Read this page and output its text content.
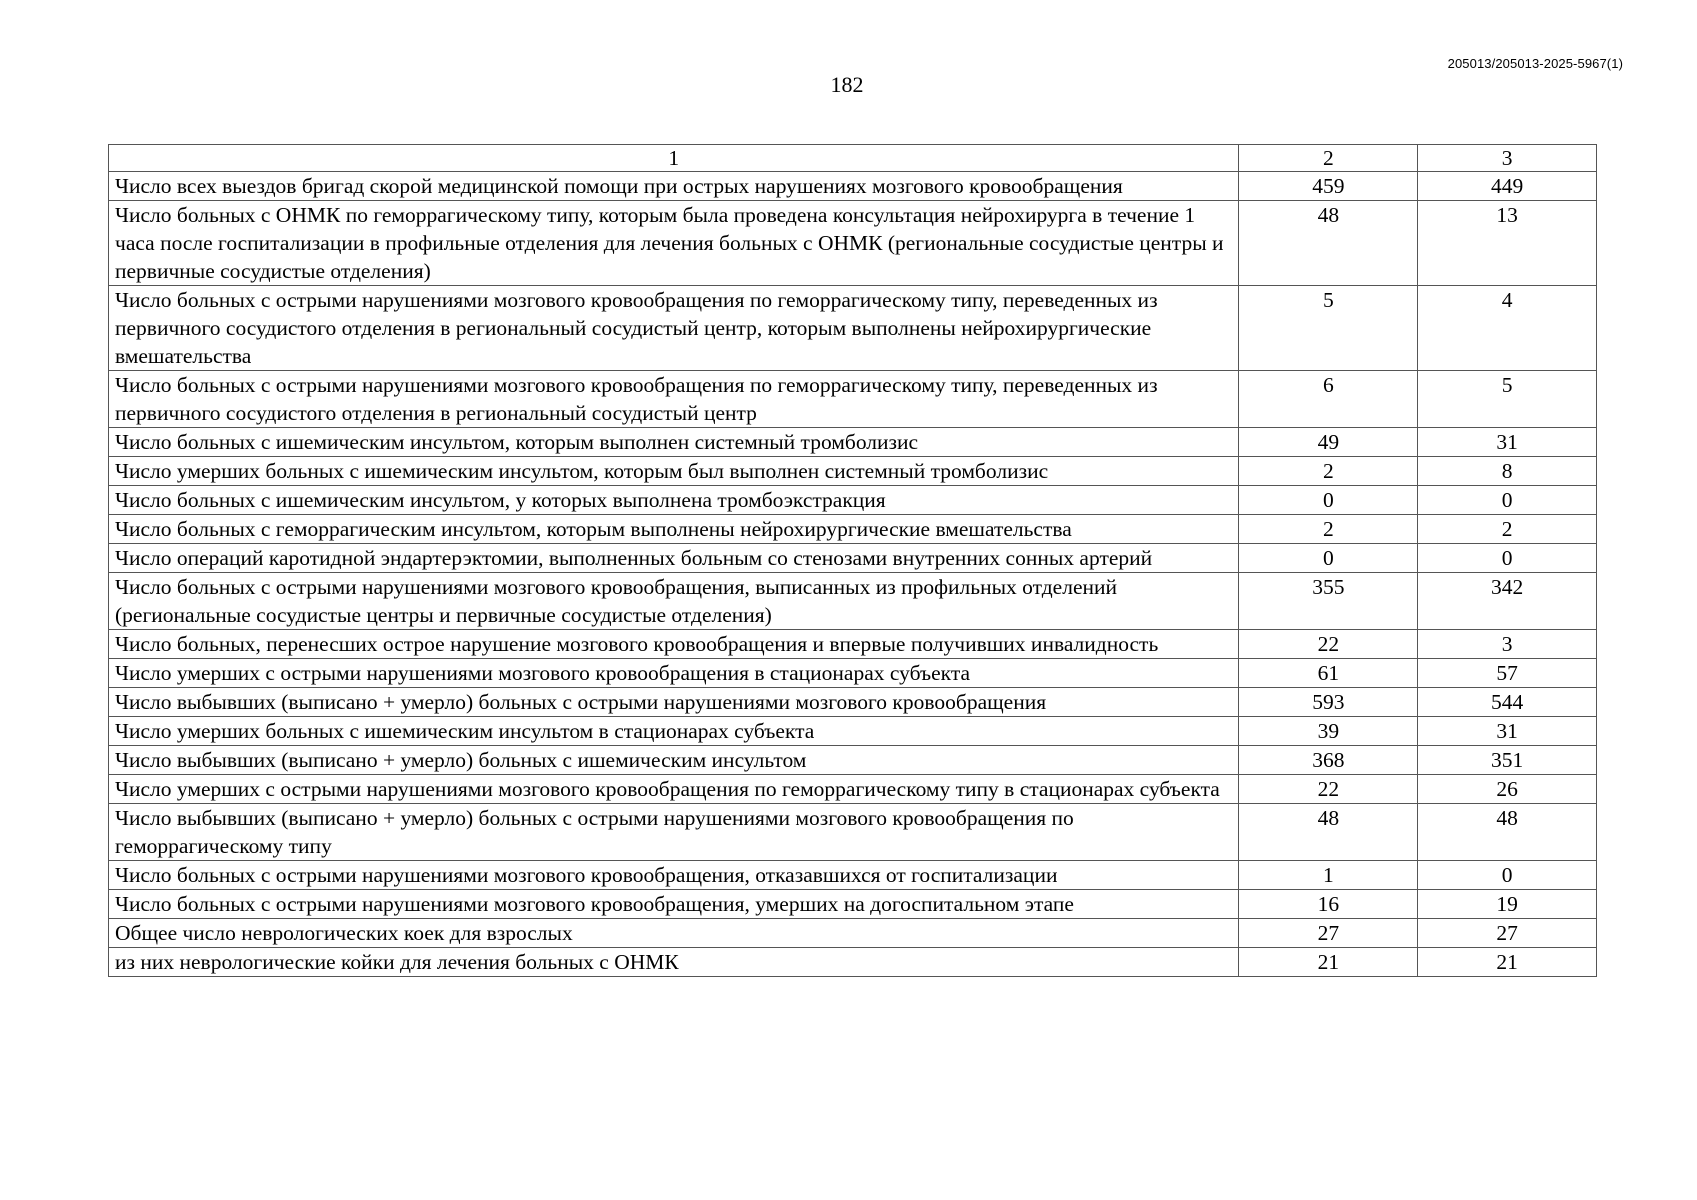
205013/205013-2025-5967(1)
182
1	2	3
Число всех выездов бригад скорой медицинской помощи при острых нарушениях мозгового кровообращения	459	449
Число больных с ОНМК по геморрагическому типу, которым была проведена консультация нейрохирурга в течение 1 часа после госпитализации в профильные отделения для лечения больных с ОНМК (региональные сосудистые центры и первичные сосудистые отделения)	48	13
Число больных с острыми нарушениями мозгового кровообращения по геморрагическому типу, переведенных из первичного сосудистого отделения в региональный сосудистый центр, которым выполнены нейрохирургические вмешательства	5	4
Число больных с острыми нарушениями мозгового кровообращения по геморрагическому типу, переведенных из первичного сосудистого отделения в региональный сосудистый центр	6	5
Число больных с ишемическим инсультом, которым выполнен системный тромболизис	49	31
Число умерших больных с ишемическим инсультом, которым был выполнен системный тромболизис	2	8
Число больных с ишемическим инсультом, у которых выполнена тромбоэкстракция	0	0
Число больных с геморрагическим инсультом, которым выполнены нейрохирургические вмешательства	2	2
Число операций каротидной эндартерэктомии, выполненных больным со стенозами внутренних сонных артерий	0	0
Число больных с острыми нарушениями мозгового кровообращения, выписанных из профильных отделений (региональные сосудистые центры и первичные сосудистые отделения)	355	342
Число больных, перенесших острое нарушение мозгового кровообращения и впервые получивших инвалидность	22	3
Число умерших с острыми нарушениями мозгового кровообращения в стационарах субъекта	61	57
Число выбывших (выписано + умерло) больных с острыми нарушениями мозгового кровообращения	593	544
Число умерших больных с ишемическим инсультом в стационарах субъекта	39	31
Число выбывших (выписано + умерло) больных с ишемическим инсультом	368	351
Число умерших с острыми нарушениями мозгового кровообращения по геморрагическому типу в стационарах субъекта	22	26
Число выбывших (выписано + умерло) больных с острыми нарушениями мозгового кровообращения по геморрагическому типу	48	48
Число больных с острыми нарушениями мозгового кровообращения, отказавшихся от госпитализации	1	0
Число больных с острыми нарушениями мозгового кровообращения, умерших на догоспитальном этапе	16	19
Общее число неврологических коек для взрослых	27	27
из них неврологические койки для лечения больных с ОНМК	21	21
